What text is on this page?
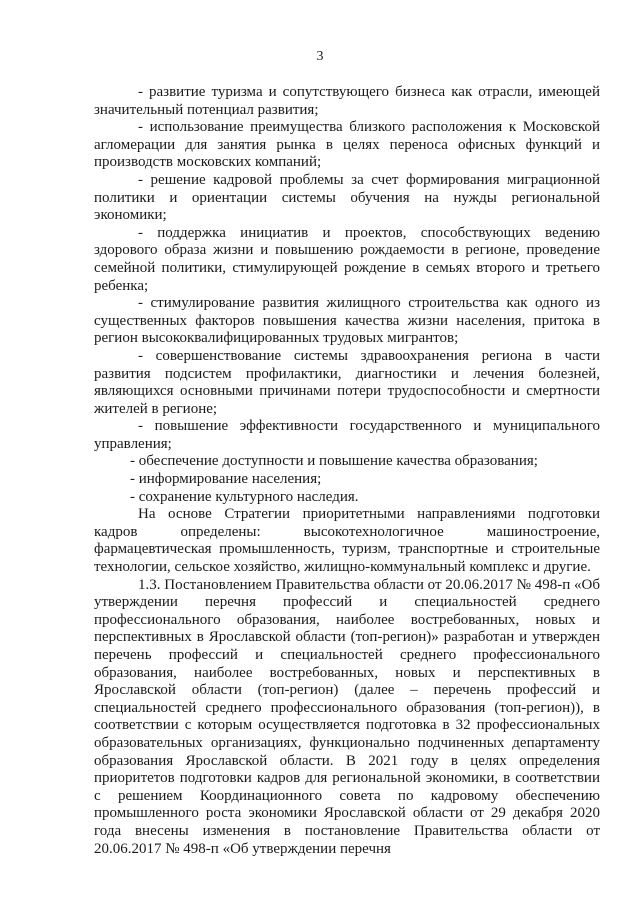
3

- развитие туризма и сопутствующего бизнеса как отрасли, имеющей значительный потенциал развития;

- использование преимущества близкого расположения к Московской агломерации для занятия рынка в целях переноса офисных функций и производств московских компаний;

- решение кадровой проблемы за счет формирования миграционной политики и ориентации системы обучения на нужды региональной экономики;

- поддержка инициатив и проектов, способствующих ведению здорового образа жизни и повышению рождаемости в регионе, проведение семейной политики, стимулирующей рождение в семьях второго и третьего ребенка;

- стимулирование развития жилищного строительства как одного из существенных факторов повышения качества жизни населения, притока в регион высококвалифицированных трудовых мигрантов;

- совершенствование системы здравоохранения региона в части развития подсистем профилактики, диагностики и лечения болезней, являющихся основными причинами потери трудоспособности и смертности жителей в регионе;

- повышение эффективности государственного и муниципального управления;

- обеспечение доступности и повышение качества образования;

- информирование населения;

- сохранение культурного наследия.

На основе Стратегии приоритетными направлениями подготовки кадров определены: высокотехнологичное машиностроение, фармацевтическая промышленность, туризм, транспортные и строительные технологии, сельское хозяйство, жилищно-коммунальный комплекс и другие.

1.3. Постановлением Правительства области от 20.06.2017 № 498-п «Об утверждении перечня профессий и специальностей среднего профессионального образования, наиболее востребованных, новых и перспективных в Ярославской области (топ-регион)» разработан и утвержден перечень профессий и специальностей среднего профессионального образования, наиболее востребованных, новых и перспективных в Ярославской области (топ-регион) (далее – перечень профессий и специальностей среднего профессионального образования (топ-регион)), в соответствии с которым осуществляется подготовка в 32 профессиональных образовательных организациях, функционально подчиненных департаменту образования Ярославской области. В 2021 году в целях определения приоритетов подготовки кадров для региональной экономики, в соответствии с решением Координационного совета по кадровому обеспечению промышленного роста экономики Ярославской области от 29 декабря 2020 года внесены изменения в постановление Правительства области от 20.06.2017 № 498-п «Об утверждении перечня
